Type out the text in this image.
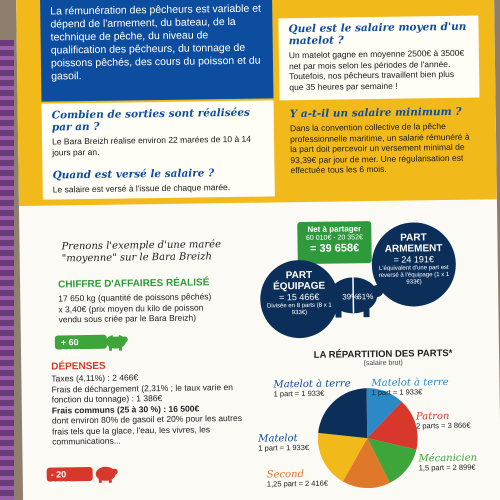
La rémunération des pêcheurs est variable et dépend de l'armement, du bateau, de la technique de pêche, du niveau de qualification des pêcheurs, du tonnage de poissons pêchés, des cours du poisson et du gasoil.

Combien de sorties sont réalisées par an ?

Le Bara Breizh réalise environ 22 marées de 10 à 14 jours par an.

Quand est versé le salaire ?

Le salaire est versé à l'issue de chaque marée.

Quel est le salaire moyen d'un matelot ?

Un matelot gagne en moyenne 2500€ à 3500€ net par mois selon les périodes de l'année. Toutefois, nos pêcheurs travaillent bien plus que 35 heures par semaine !

Y a-t-il un salaire minimum ?

Dans la convention collective de la pêche professionnelle maritime, un salarié rémunéré à la part doit percevoir un versement minimal de 93,39€ par jour de mer. Une régularisation est effectuée tous les 6 mois.

Prenons l'exemple d'une marée "moyenne" sur le Bara Breizh

CHIFFRE D'AFFAIRES RÉALISÉ

17 650 kg (quantité de poissons pêchés)

x 3,40€ (prix moyen du kilo de poisson vendu sous criée par le Bara Breizh)

+ 60 010€

DÉPENSES

Taxes (4,11%) : 2 466€

Frais de déchargement (2,31% ; le taux varie en fonction du tonnage) : 1 386€

Frais communs (25 à 30 %) : 16 500€

dont environ 80% de gasoil et 20% pour les autres frais tels que la glace, l'eau, les vivres, les communications...

- 20 352€

Net à partager

60 010€ - 20 352€

= 39 658€

PART ARMEMENT

= 24 191€

L'équivalent d'une part est reversé à l'équipage (1 x 1 933€)

PART ÉQUIPAGE

= 15 466€

Divisée en 8 parts (8 x 1 933€)

39%
61%

LA RÉPARTITION DES PARTS*

(salaire brut)

Matelot à terre

1 part = 1 933€

Matelot à terre

1 part = 1 933€

Patron

2 parts = 3 866€

Matelot

1 part = 1 933€

Mécanicien

1,5 part = 2 899€

Second

1,25 part = 2 416€
